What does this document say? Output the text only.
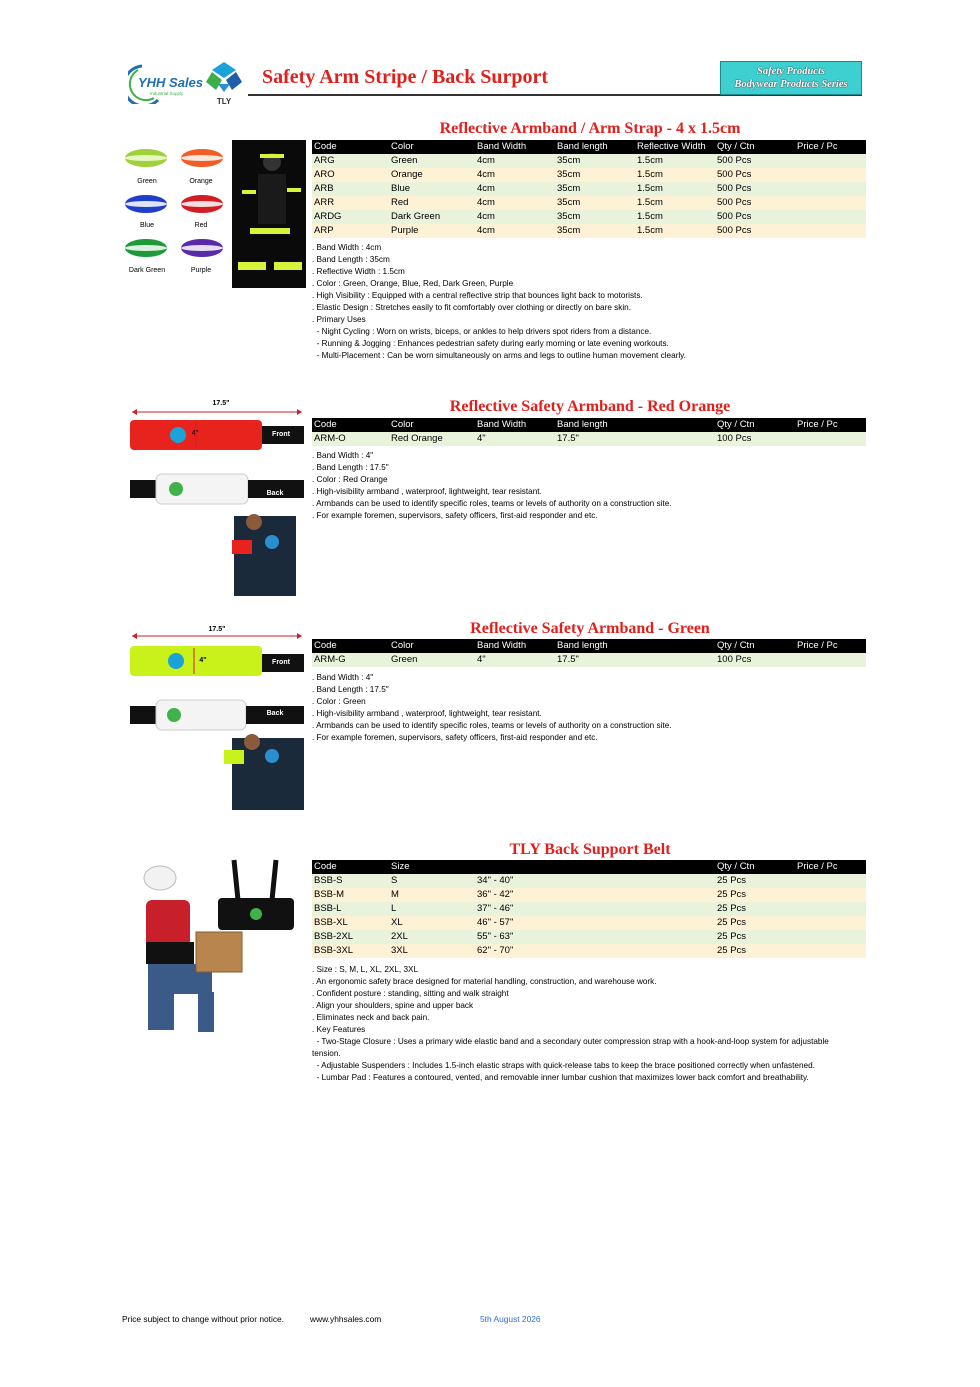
YHH Sales
Industrial Supply
TLY
Safety Arm Stripe / Back Surport	Safety Products
Bodywear Products Series
Reflective Armband / Arm Strap - 4 x 1.5cm
Green	Orange
Blue	Red
Dark Green	Purple
Code	Color	Band Width	Band length	Reflective Width	Qty / Ctn	Price / Pc
ARG	Green	4cm	35cm	1.5cm	500 Pcs	
ARO	Orange	4cm	35cm	1.5cm	500 Pcs	
ARB	Blue	4cm	35cm	1.5cm	500 Pcs	
ARR	Red	4cm	35cm	1.5cm	500 Pcs	
ARDG	Dark Green	4cm	35cm	1.5cm	500 Pcs	
ARP	Purple	4cm	35cm	1.5cm	500 Pcs	
. Band Width : 4cm
. Band Length : 35cm
. Reflective Width : 1.5cm
. Color : Green, Orange, Blue, Red, Dark Green, Purple
. High Visibility : Equipped with a central reflective strip that bounces light back to motorists.
. Elastic Design : Stretches easily to fit comfortably over clothing or directly on bare skin.
. Primary Uses
- Night Cycling : Worn on wrists, biceps, or ankles to help drivers spot riders from a distance.
- Running & Jogging : Enhances pedestrian safety during early morning or late evening workouts.
- Multi-Placement : Can be worn simultaneously on arms and legs to outline human movement clearly.
Reflective Safety Armband - Red Orange
17.5"
4"	Front
Back
Code	Color	Band Width	Band length		Qty / Ctn	Price / Pc
ARM-O	Red Orange	4"	17.5"		100 Pcs	
. Band Width : 4"
. Band Length : 17.5"
. Color : Red Orange
. High-visibility armband , waterproof, lightweight, tear resistant.
. Armbands can be used to identify specific roles, teams or levels of authority on a construction site.
. For example foremen, supervisors, safety officers, first-aid responder and etc.
Reflective Safety Armband - Green
17.5"
4"	Front
Back
Code	Color	Band Width	Band length		Qty / Ctn	Price / Pc
ARM-G	Green	4"	17.5"		100 Pcs	
. Band Width : 4"
. Band Length : 17.5"
. Color : Green
. High-visibility armband , waterproof, lightweight, tear resistant.
. Armbands can be used to identify specific roles, teams or levels of authority on a construction site.
. For example foremen, supervisors, safety officers, first-aid responder and etc.
TLY Back Support Belt
Code	Size				Qty / Ctn	Price / Pc
BSB-S	S	34" - 40"			25 Pcs	
BSB-M	M	36" - 42"			25 Pcs	
BSB-L	L	37" - 46"			25 Pcs	
BSB-XL	XL	46" - 57"			25 Pcs	
BSB-2XL	2XL	55" - 63"			25 Pcs	
BSB-3XL	3XL	62" - 70"			25 Pcs	
. Size : S, M, L, XL, 2XL, 3XL
. An ergonomic safety brace designed for material handling, construction, and warehouse work.
. Confident posture : standing, sitting and walk straight
. Align your shoulders, spine and upper back
. Eliminates neck and back pain.
. Key Features
- Two-Stage Closure : Uses a primary wide elastic band and a secondary outer compression strap with a hook-and-loop system for adjustable tension.
- Adjustable Suspenders : Includes 1.5-inch elastic straps with quick-release tabs to keep the brace positioned correctly when unfastened.
- Lumbar Pad : Features a contoured, vented, and removable inner lumbar cushion that maximizes lower back comfort and breathability.
Price subject to change without prior notice.	www.yhhsales.com	5th August 2026
